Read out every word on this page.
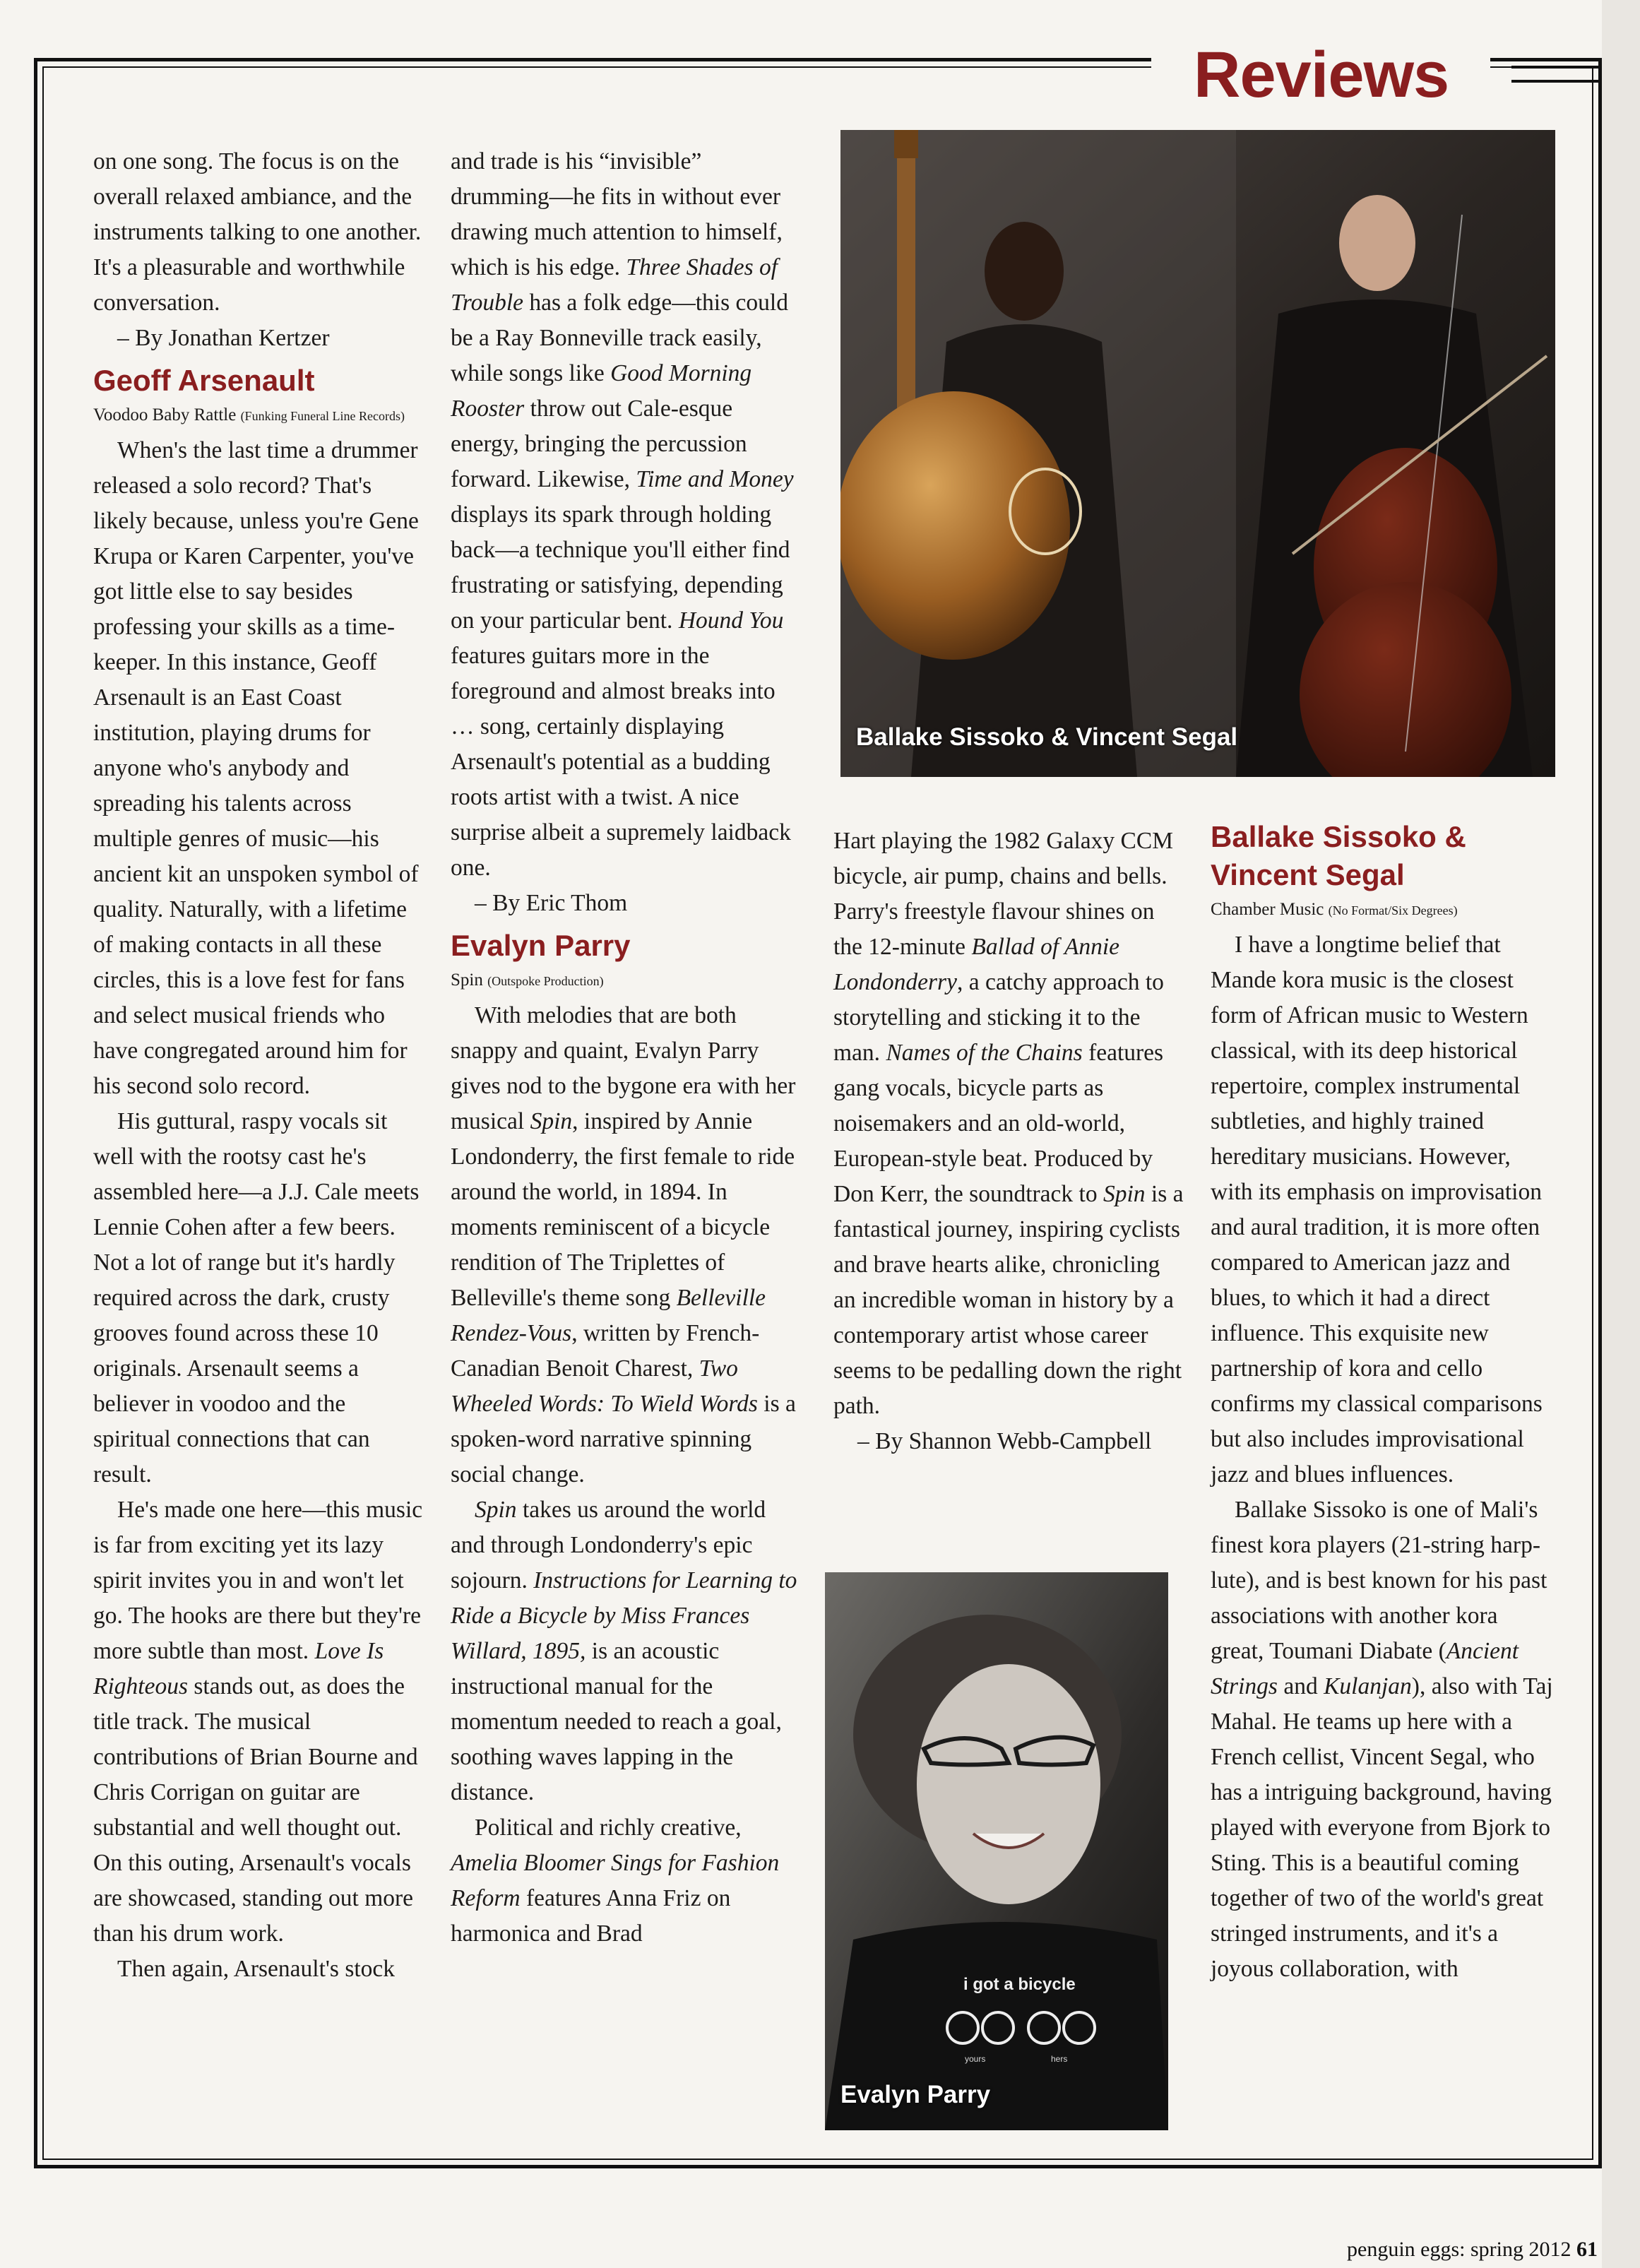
Reviews

on one song. The focus is on the overall relaxed ambiance, and the instruments talking to one another. It's a pleasurable and worthwhile conversation.

– By Jonathan Kertzer

Geoff Arsenault

Voodoo Baby Rattle (Funking Funeral Line Records)

When's the last time a drummer released a solo record? That's likely because, unless you're Gene Krupa or Karen Carpenter, you've got little else to say besides professing your skills as a time-keeper. In this instance, Geoff Arsenault is an East Coast institution, playing drums for anyone who's anybody and spreading his talents across multiple genres of music—his ancient kit an unspoken symbol of quality. Naturally, with a lifetime of making contacts in all these circles, this is a love fest for fans and select musical friends who have congregated around him for his second solo record.

His guttural, raspy vocals sit well with the rootsy cast he's assembled here—a J.J. Cale meets Lennie Cohen after a few beers. Not a lot of range but it's hardly required across the dark, crusty grooves found across these 10 originals. Arsenault seems a believer in voodoo and the spiritual connections that can result.

He's made one here—this music is far from exciting yet its lazy spirit invites you in and won't let go. The hooks are there but they're more subtle than most. Love Is Righteous stands out, as does the title track. The musical contributions of Brian Bourne and Chris Corrigan on guitar are substantial and well thought out. On this outing, Arsenault's vocals are showcased, standing out more than his drum work.

Then again, Arsenault's stock

and trade is his “invisible” drumming—he fits in without ever drawing much attention to himself, which is his edge. Three Shades of Trouble has a folk edge—this could be a Ray Bonneville track easily, while songs like Good Morning Rooster throw out Cale-esque energy, bringing the percussion forward. Likewise, Time and Money displays its spark through holding back—a technique you'll either find frustrating or satisfying, depending on your particular bent. Hound You features guitars more in the foreground and almost breaks into … song, certainly displaying Arsenault's potential as a budding roots artist with a twist. A nice surprise albeit a supremely laidback one.

– By Eric Thom

Evalyn Parry

Spin (Outspoke Production)

With melodies that are both snappy and quaint, Evalyn Parry gives nod to the bygone era with her musical Spin, inspired by Annie Londonderry, the first female to ride around the world, in 1894. In moments reminiscent of a bicycle rendition of The Triplettes of Belleville's theme song Belleville Rendez-Vous, written by French-Canadian Benoit Charest, Two Wheeled Words: To Wield Words is a spoken-word narrative spinning social change.

Spin takes us around the world and through Londonderry's epic sojourn. Instructions for Learning to Ride a Bicycle by Miss Frances Willard, 1895, is an acoustic instructional manual for the momentum needed to reach a goal, soothing waves lapping in the distance.

Political and richly creative, Amelia Bloomer Sings for Fashion Reform features Anna Friz on harmonica and Brad

Ballake Sissoko & Vincent Segal

Hart playing the 1982 Galaxy CCM bicycle, air pump, chains and bells. Parry's freestyle flavour shines on the 12-minute Ballad of Annie Londonderry, a catchy approach to storytelling and sticking it to the man. Names of the Chains features gang vocals, bicycle parts as noisemakers and an old-world, European-style beat. Produced by Don Kerr, the soundtrack to Spin is a fantastical journey, inspiring cyclists and brave hearts alike, chronicling an incredible woman in history by a contemporary artist whose career seems to be pedalling down the right path.

– By Shannon Webb-Campbell

i got a bicycle
yours	hers
Evalyn Parry
Ballake Sissoko & Vincent Segal

Chamber Music (No Format/Six Degrees)

I have a longtime belief that Mande kora music is the closest form of African music to Western classical, with its deep historical repertoire, complex instrumental subtleties, and highly trained hereditary musicians. However, with its emphasis on improvisation and aural tradition, it is more often compared to American jazz and blues, to which it had a direct influence. This exquisite new partnership of kora and cello confirms my classical comparisons but also includes improvisational jazz and blues influences.

Ballake Sissoko is one of Mali's finest kora players (21-string harp-lute), and is best known for his past associations with another kora great, Toumani Diabate (Ancient Strings and Kulanjan), also with Taj Mahal. He teams up here with a French cellist, Vincent Segal, who has a intriguing background, having played with everyone from Bjork to Sting. This is a beautiful coming together of two of the world's great stringed instruments, and it's a joyous collaboration, with

penguin eggs: spring 2012 61
